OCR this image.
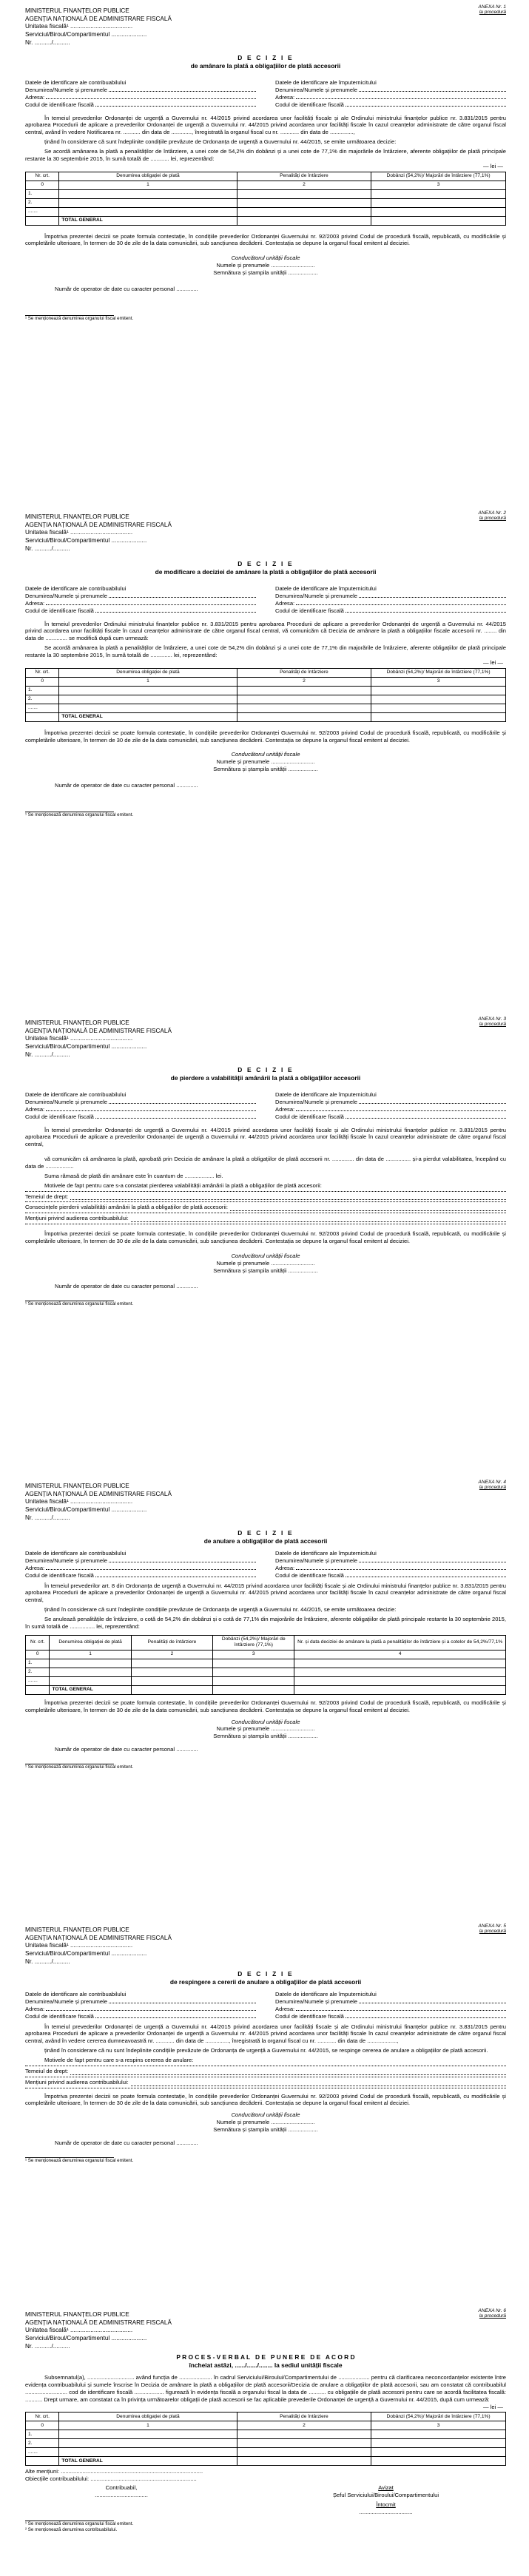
ANEXA Nr. 1
la procedură
MINISTERUL FINANȚELOR PUBLICE
AGENȚIA NAȚIONALĂ DE ADMINISTRARE FISCALĂ
Unitatea fiscală¹ .....................................
Serviciul/Biroul/Compartimentul .....................
Nr. ........../..........
D E C I Z I E
de amânare la plată a obligațiilor de plată accesorii
Datele de identificare ale contribuabilului
Denumirea/Numele și prenumele
Adresa:
Codul de identificare fiscală
Datele de identificare ale împuternicitului
Denumirea/Numele și prenumele
Adresa:
Codul de identificare fiscală

În temeiul prevederilor Ordonanței de urgență a Guvernului nr. 44/2015 privind acordarea unor facilități fiscale și ale Ordinului ministrului finanțelor publice nr. 3.831/2015 pentru aprobarea Procedurii de aplicare a prevederilor Ordonanței de urgență a Guvernului nr. 44/2015 privind acordarea unor facilități fiscale în cazul creanțelor administrate de către organul fiscal central, având în vedere Notificarea nr. ........... din data de ............., înregistrată la organul fiscal cu nr. ............ din data de ...............,

ținând în considerare că sunt îndeplinite condițiile prevăzute de Ordonanța de urgență a Guvernului nr. 44/2015, se emite următoarea decizie:

Se acordă amânarea la plată a penalităților de întârziere, a unei cote de 54,2% din dobânzi și a unei cote de 77,1% din majorările de întârziere, aferente obligațiilor de plată principale restante la 30 septembrie 2015, în sumă totală de ............ lei, reprezentând:

— lei —
Nr. crt.	Denumirea obligației de plată	Penalități de întârziere	Dobânzi (54,2%)/ Majorări de întârziere (77,1%)
0	1	2	3
1.			
2.			
.......			
	TOTAL GENERAL		

Împotriva prezentei decizii se poate formula contestație, în condițiile prevederilor Ordonanței Guvernului nr. 92/2003 privind Codul de procedură fiscală, republicată, cu modificările și completările ulterioare, în termen de 30 de zile de la data comunicării, sub sancțiunea decăderii. Contestația se depune la organul fiscal emitent al deciziei.

Conducătorul unității fiscale
Numele și prenumele ............................
Semnătura și ștampila unității ...................
Număr de operator de date cu caracter personal ..............
¹ Se menționează denumirea organului fiscal emitent.
ANEXA Nr. 2
la procedură
MINISTERUL FINANȚELOR PUBLICE
AGENȚIA NAȚIONALĂ DE ADMINISTRARE FISCALĂ
Unitatea fiscală¹ .....................................
Serviciul/Biroul/Compartimentul .....................
Nr. ........../..........
D E C I Z I E
de modificare a deciziei de amânare la plată a obligațiilor de plată accesorii
Datele de identificare ale contribuabilului
Denumirea/Numele și prenumele
Adresa:
Codul de identificare fiscală
Datele de identificare ale împuternicitului
Denumirea/Numele și prenumele
Adresa:
Codul de identificare fiscală

În temeiul prevederilor Ordinului ministrului finanțelor publice nr. 3.831/2015 pentru aprobarea Procedurii de aplicare a prevederilor Ordonanței de urgență a Guvernului nr. 44/2015 privind acordarea unor facilități fiscale în cazul creanțelor administrate de către organul fiscal central, vă comunicăm că Decizia de amânare la plată a obligațiilor fiscale accesorii nr. ........ din data de .............. se modifică după cum urmează:

Se acordă amânarea la plată a penalităților de întârziere, a unei cote de 54,2% din dobânzi și a unei cote de 77,1% din majorările de întârziere, aferente obligațiilor de plată principale restante la 30 septembrie 2015, în sumă totală de .............. lei, reprezentând:

— lei —
Nr. crt.	Denumirea obligației de plată	Penalități de întârziere	Dobânzi (54,2%)/ Majorări de întârziere (77,1%)
0	1	2	3
1.			
2.			
.......			
	TOTAL GENERAL		

Împotriva prezentei decizii se poate formula contestație, în condițiile prevederilor Ordonanței Guvernului nr. 92/2003 privind Codul de procedură fiscală, republicată, cu modificările și completările ulterioare, în termen de 30 de zile de la data comunicării, sub sancțiunea decăderii. Contestația se depune la organul fiscal emitent al deciziei.

Conducătorul unității fiscale
Numele și prenumele ............................
Semnătura și ștampila unității ...................
Număr de operator de date cu caracter personal ..............
¹ Se menționează denumirea organului fiscal emitent.
ANEXA Nr. 3
la procedură
MINISTERUL FINANȚELOR PUBLICE
AGENȚIA NAȚIONALĂ DE ADMINISTRARE FISCALĂ
Unitatea fiscală¹ .....................................
Serviciul/Biroul/Compartimentul .....................
Nr. ........../..........
D E C I Z I E
de pierdere a valabilității amânării la plată a obligațiilor accesorii
Datele de identificare ale contribuabilului
Denumirea/Numele și prenumele
Adresa:
Codul de identificare fiscală
Datele de identificare ale împuternicitului
Denumirea/Numele și prenumele
Adresa:
Codul de identificare fiscală

În temeiul prevederilor Ordonanței de urgență a Guvernului nr. 44/2015 privind acordarea unor facilități fiscale și ale Ordinului ministrului finanțelor publice nr. 3.831/2015 pentru aprobarea Procedurii de aplicare a prevederilor Ordonanței de urgență a Guvernului nr. 44/2015 privind acordarea unor facilități fiscale în cazul creanțelor administrate de către organul fiscal central,

vă comunicăm că amânarea la plată, aprobată prin Decizia de amânare la plată a obligațiilor de plată accesorii nr. .............. din data de ................ și-a pierdut valabilitatea, începând cu data de ..................

Suma rămasă de plată din amânare este în cuantum de ................... lei.

Motivele de fapt pentru care s-a constatat pierderea valabilității amânării la plată a obligațiilor de plată accesorii:

Temeiul de drept:
Consecințele pierderii valabilității amânării la plată a obligațiilor de plată accesorii:
Mențiuni privind audierea contribuabilului:

Împotriva prezentei decizii se poate formula contestație, în condițiile prevederilor Ordonanței Guvernului nr. 92/2003 privind Codul de procedură fiscală, republicată, cu modificările și completările ulterioare, în termen de 30 de zile de la data comunicării, sub sancțiunea decăderii. Contestația se depune la organul fiscal emitent al deciziei.

Conducătorul unității fiscale
Numele și prenumele ............................
Semnătura și ștampila unității ...................
Număr de operator de date cu caracter personal ..............
¹ Se menționează denumirea organului fiscal emitent.
ANEXA Nr. 4
la procedură
MINISTERUL FINANȚELOR PUBLICE
AGENȚIA NAȚIONALĂ DE ADMINISTRARE FISCALĂ
Unitatea fiscală¹ .....................................
Serviciul/Biroul/Compartimentul .....................
Nr. ........../..........
D E C I Z I E
de anulare a obligațiilor de plată accesorii
Datele de identificare ale contribuabilului
Denumirea/Numele și prenumele
Adresa:
Codul de identificare fiscală
Datele de identificare ale împuternicitului
Denumirea/Numele și prenumele
Adresa:
Codul de identificare fiscală

În temeiul prevederilor art. 8 din Ordonanța de urgență a Guvernului nr. 44/2015 privind acordarea unor facilități fiscale și ale Ordinului ministrului finanțelor publice nr. 3.831/2015 pentru aprobarea Procedurii de aplicare a prevederilor Ordonanței de urgență a Guvernului nr. 44/2015 privind acordarea unor facilități fiscale în cazul creanțelor administrate de către organul fiscal central,

ținând în considerare că sunt îndeplinite condițiile prevăzute de Ordonanța de urgență a Guvernului nr. 44/2015, se emite următoarea decizie:

Se anulează penalitățile de întârziere, o cotă de 54,2% din dobânzi și o cotă de 77,1% din majorările de întârziere, aferente obligațiilor de plată principale restante la 30 septembrie 2015, în sumă totală de ................ lei, reprezentând:

Nr. crt.	Denumirea obligației de plată	Penalități de întârziere	Dobânzi (54,2%)/ Majorări de întârziere (77,1%)	Nr. și data deciziei de amânare la plată a penalităților de întârziere și a cotelor de 54,2%/77,1%
0	1	2	3	4
1.				
2.				
.......				
	TOTAL GENERAL			

Împotriva prezentei decizii se poate formula contestație, în condițiile prevederilor Ordonanței Guvernului nr. 92/2003 privind Codul de procedură fiscală, republicată, cu modificările și completările ulterioare, în termen de 30 de zile de la data comunicării, sub sancțiunea decăderii. Contestația se depune la organul fiscal emitent al deciziei.

Conducătorul unității fiscale
Numele și prenumele ............................
Semnătura și ștampila unității ...................
Număr de operator de date cu caracter personal ..............
¹ Se menționează denumirea organului fiscal emitent.
ANEXA Nr. 5
la procedură
MINISTERUL FINANȚELOR PUBLICE
AGENȚIA NAȚIONALĂ DE ADMINISTRARE FISCALĂ
Unitatea fiscală¹ .....................................
Serviciul/Biroul/Compartimentul .....................
Nr. ........../..........
D E C I Z I E
de respingere a cererii de anulare a obligațiilor de plată accesorii
Datele de identificare ale contribuabilului
Denumirea/Numele și prenumele
Adresa:
Codul de identificare fiscală
Datele de identificare ale împuternicitului
Denumirea/Numele și prenumele
Adresa:
Codul de identificare fiscală

În temeiul prevederilor Ordonanței de urgență a Guvernului nr. 44/2015 privind acordarea unor facilități fiscale și ale Ordinului ministrului finanțelor publice nr. 3.831/2015 pentru aprobarea Procedurii de aplicare a prevederilor Ordonanței de urgență a Guvernului nr. 44/2015 privind acordarea unor facilități fiscale în cazul creanțelor administrate de către organul fiscal central, având în vedere cererea dumneavoastră nr. ............ din data de ..............., înregistrată la organul fiscal cu nr. ............ din data de ...................,

ținând în considerare că nu sunt îndeplinite condițiile prevăzute de Ordonanța de urgență a Guvernului nr. 44/2015, se respinge cererea de anulare a obligațiilor de plată accesorii.

Motivele de fapt pentru care s-a respins cererea de anulare:

Temeiul de drept:
Mențiuni privind audierea contribuabilului:

Împotriva prezentei decizii se poate formula contestație, în condițiile prevederilor Ordonanței Guvernului nr. 92/2003 privind Codul de procedură fiscală, republicată, cu modificările și completările ulterioare, în termen de 30 de zile de la data comunicării, sub sancțiunea decăderii. Contestația se depune la organul fiscal emitent al deciziei.

Conducătorul unității fiscale
Numele și prenumele ............................
Semnătura și ștampila unității ...................
Număr de operator de date cu caracter personal ..............
¹ Se menționează denumirea organului fiscal emitent.
ANEXA Nr. 6
la procedură
MINISTERUL FINANȚELOR PUBLICE
AGENȚIA NAȚIONALĂ DE ADMINISTRARE FISCALĂ
Unitatea fiscală¹ .....................................
Serviciul/Biroul/Compartimentul .....................
Nr. ........../..........
P R O C E S - V E R B A L   D E   P U N E R E   D E   A C O R D
încheiat astăzi, ....../....../........ la sediul unității fiscale

Subsemnatul(a), .............................. având funcția de ..................... în cadrul Serviciului/Biroului/Compartimentului de .................... pentru că clarificarea neconcordanțelor existente între evidența contribuabilului și sumele înscrise în Decizia de amânare la plată a obligațiilor de plată accesorii/Decizia de anulare a obligațiilor de plată accesorii, sau am constatat că contribuabilul ........................... cod de identificare fiscală ................... figurează în evidența fiscală a organului fiscal la data de ........... cu obligațiile de plată accesorii pentru care se acordă facilitatea fiscală: ........... Drept urmare, am constatat ca în privința următoarelor obligații de plată accesorii se fac aplicabile prevederile Ordonanței de urgență a Guvernului nr. 44/2015, după cum urmează:

— lei —
Nr. crt.	Denumirea obligației de plată	Penalități de întârziere	Dobânzi (54,2%)/ Majorări de întârziere (77,1%)
0	1	2	3
1.			
2.			
.......			
	TOTAL GENERAL		
Alte mențiuni: ...........................................................................................
Obiecțiile contribuabilului: ....................................................................
Contribuabil,
..................................
Avizat
Șeful Serviciului/Biroului/Compartimentului
Întocmit
..................................
¹ Se menționează denumirea organului fiscal emitent.
² Se menționează denumirea contribuabilului.
